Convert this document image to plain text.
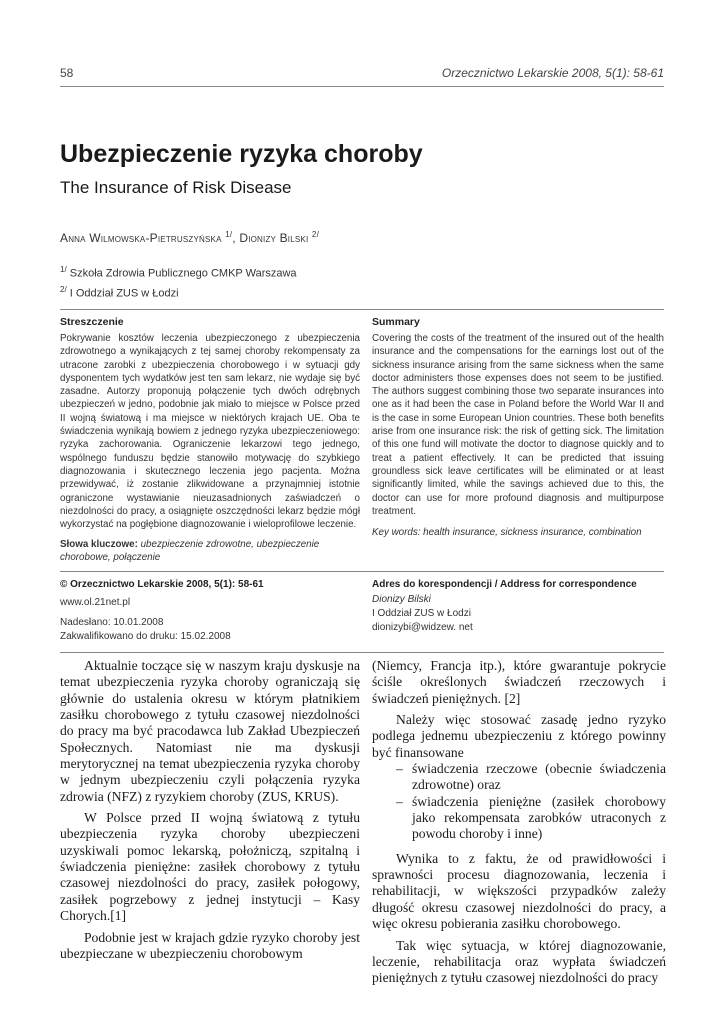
58	Orzecznictwo Lekarskie 2008, 5(1): 58-61
Ubezpieczenie ryzyka choroby
The Insurance of Risk Disease
Anna Wilmowska-Pietruszyńska $^{1/}$, Dionizy Bilski $^{2/}$
$^{1/}$ Szkoła Zdrowia Publicznego CMKP Warszawa
$^{2/}$ I Oddział ZUS w Łodzi
Streszczenie
Pokrywanie kosztów leczenia ubezpieczonego z ubezpieczenia zdrowotnego a wynikających z tej samej choroby rekompensaty za utracone zarobki z ubezpieczenia chorobowego i w sytuacji gdy dysponentem tych wydatków jest ten sam lekarz, nie wydaje się być zasadne. Autorzy proponują połączenie tych dwóch odrębnych ubezpieczeń w jedno, podobnie jak miało to miejsce w Polsce przed II wojną światową i ma miejsce w niektórych krajach UE. Oba te świadczenia wynikają bowiem z jednego ryzyka ubezpieczeniowego: ryzyka zachorowania. Ograniczenie lekarzowi tego jednego, wspólnego funduszu będzie stanowiło motywację do szybkiego diagnozowania i skutecznego leczenia jego pacjenta. Można przewidywać, iż zostanie zlikwidowane a przynajmniej istotnie ograniczone wystawianie nieuzasadnionych zaświadczeń o niezdolności do pracy, a osiągnięte oszczędności lekarz będzie mógł wykorzystać na pogłębione diagnozowanie i wieloprofilowe leczenie.
Słowa kluczowe: ubezpieczenie zdrowotne, ubezpieczenie chorobowe, połączenie
Summary
Covering the costs of the treatment of the insured out of the health insurance and the compensations for the earnings lost out of the sickness insurance arising from the same sickness when the same doctor administers those expenses does not seem to be justified. The authors suggest combining those two separate insurances into one as it had been the case in Poland before the World War II and is the case in some European Union countries. These both benefits arise from one insurance risk: the risk of getting sick. The limitation of this one fund will motivate the doctor to diagnose quickly and to treat a patient effectively. It can be predicted that issuing groundless sick leave certificates will be eliminated or at least significantly limited, while the savings achieved due to this, the doctor can use for more profound diagnosis and multipurpose treatment.
Key words: health insurance, sickness insurance, combination
© Orzecznictwo Lekarskie 2008, 5(1): 58-61
www.ol.21net.pl
Nadesłano: 10.01.2008
Zakwalifikowano do druku: 15.02.2008
Adres do korespondencji / Address for correspondence
Dionizy Bilski
I Oddział ZUS w Łodzi
dionizybi@widzew. net

Aktualnie toczące się w naszym kraju dyskusje na temat ubezpieczenia ryzyka choroby ograniczają się głównie do ustalenia okresu w którym płatnikiem zasiłku chorobowego z tytułu czasowej niezdolności do pracy ma być pracodawca lub Zakład Ubezpieczeń Społecznych. Natomiast nie ma dyskusji merytorycznej na temat ubezpieczenia ryzyka choroby w jednym ubezpieczeniu czyli połączenia ryzyka zdrowia (NFZ) z ryzykiem choroby (ZUS, KRUS).

W Polsce przed II wojną światową z tytułu ubezpieczenia ryzyka choroby ubezpieczeni uzyskiwali pomoc lekarską, położniczą, szpitalną i świadczenia pieniężne: zasiłek chorobowy z tytułu czasowej niezdolności do pracy, zasiłek połogowy, zasiłek pogrzebowy z jednej instytucji – Kasy Chorych.[1]

Podobnie jest w krajach gdzie ryzyko choroby jest ubezpieczane w ubezpieczeniu chorobowym

(Niemcy, Francja itp.), które gwarantuje pokrycie ściśle określonych świadczeń rzeczowych i świadczeń pieniężnych. [2]

Należy więc stosować zasadę jedno ryzyko podlega jednemu ubezpieczeniu z którego powinny być finansowane

– świadczenia rzeczowe (obecnie świadczenia zdrowotne) oraz
– świadczenia pieniężne (zasiłek chorobowy jako rekompensata zarobków utraconych z powodu choroby i inne)

Wynika to z faktu, że od prawidłowości i sprawności procesu diagnozowania, leczenia i rehabilitacji, w większości przypadków zależy długość okresu czasowej niezdolności do pracy, a więc okresu pobierania zasiłku chorobowego.

Tak więc sytuacja, w której diagnozowanie, leczenie, rehabilitacja oraz wypłata świadczeń pieniężnych z tytułu czasowej niezdolności do pracy
